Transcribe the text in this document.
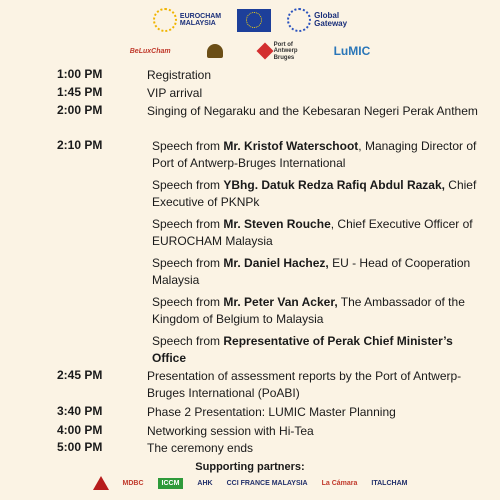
EUROCHAM
MALAYSIA
Global
Gateway
BeLuxCham
Port of
Antwerp
Bruges	LuMIC
1:00 PM	Registration
1:45 PM	VIP arrival
2:00 PM	Singing of Negaraku and the Kebesaran Negeri Perak Anthem
2:10 PM	Speech from Mr. Kristof Waterschoot, Managing Director of Port of Antwerp-Bruges International
Speech from YBhg. Datuk Redza Rafiq Abdul Razak, Chief Executive of PKNPk
Speech from Mr. Steven Rouche, Chief Executive Officer of EUROCHAM Malaysia
Speech from Mr. Daniel Hachez, EU - Head of Cooperation Malaysia
Speech from Mr. Peter Van Acker, The Ambassador of the Kingdom of Belgium to Malaysia
Speech from Representative of Perak Chief Minister’s Office
2:45 PM	Presentation of assessment reports by the Port of Antwerp-Bruges International (PoABI)
3:40 PM	Phase 2 Presentation: LUMIC Master Planning
4:00 PM	Networking session with Hi-Tea
5:00 PM	The ceremony ends
Supporting partners:
MDBC	ICCM	AHK CCI FRANCE MALAYSIA La Cámara ITALCHAM
